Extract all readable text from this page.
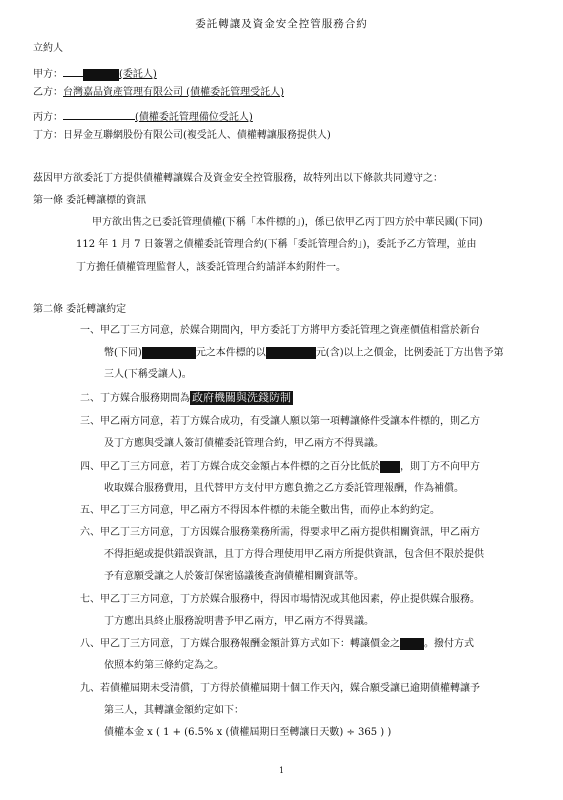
委託轉讓及資金安全控管服務合約
立約人
甲方：	(委託人)
乙方：台灣嘉品資產管理有限公司 (債權委託管理受託人)
丙方：	(債權委託管理備位受託人)
丁方：日昇金互聯網股份有限公司(複受託人、債權轉讓服務提供人)
茲因甲方欲委託丁方提供債權轉讓媒合及資金安全控管服務，故特列出以下條款共同遵守之：
第一條 委託轉讓標的資訊
甲方欲出售之已委託管理債權(下稱「本件標的」)，係已依甲乙丙丁四方於中華民國(下同)
112 年 1 月 7 日簽署之債權委託管理合約(下稱「委託管理合約」)，委託予乙方管理，並由
丁方擔任債權管理監督人，該委託管理合約請詳本約附件一。
第二條 委託轉讓約定
一、甲乙丁三方同意，於媒合期間內，甲方委託丁方將甲方委託管理之資產價值相當於新台
幣(下同)	元之本件標的以	元(含)以上之價金，比例委託丁方出售予第
三人(下稱受讓人)。
二、丁方媒合服務期間為 政府機關與洗錢防制
三、甲乙兩方同意，若丁方媒合成功，有受讓人願以第一項轉讓條件受讓本件標的，則乙方
及丁方應與受讓人簽訂債權委託管理合約，甲乙兩方不得異議。
四、甲乙丁三方同意，若丁方媒合成交金額占本件標的之百分比低於 ，則丁方不向甲方
收取媒合服務費用，且代替甲方支付甲方應負擔之乙方委託管理報酬，作為補償。
五、甲乙丁三方同意，甲乙兩方不得因本件標的未能全數出售，而停止本約約定。
六、甲乙丁三方同意，丁方因媒合服務業務所需，得要求甲乙兩方提供相關資訊，甲乙兩方
不得拒絕或提供錯誤資訊，且丁方得合理使用甲乙兩方所提供資訊，包含但不限於提供
予有意願受讓之人於簽訂保密協議後查詢債權相關資訊等。
七、甲乙丁三方同意，丁方於媒合服務中，得因市場情況或其他因素，停止提供媒合服務。
丁方應出具終止服務說明書予甲乙兩方，甲乙兩方不得異議。
八、甲乙丁三方同意，丁方媒合服務報酬金額計算方式如下：轉讓價金之 。撥付方式
依照本約第三條約定為之。
九、若債權屆期未受清償，丁方得於債權屆期十個工作天內，媒合願受讓已逾期債權轉讓予
第三人，其轉讓金額約定如下：
債權本金 x ( 1 + (6.5% x (債權屆期日至轉讓日天數) ÷ 365 ) )
1
